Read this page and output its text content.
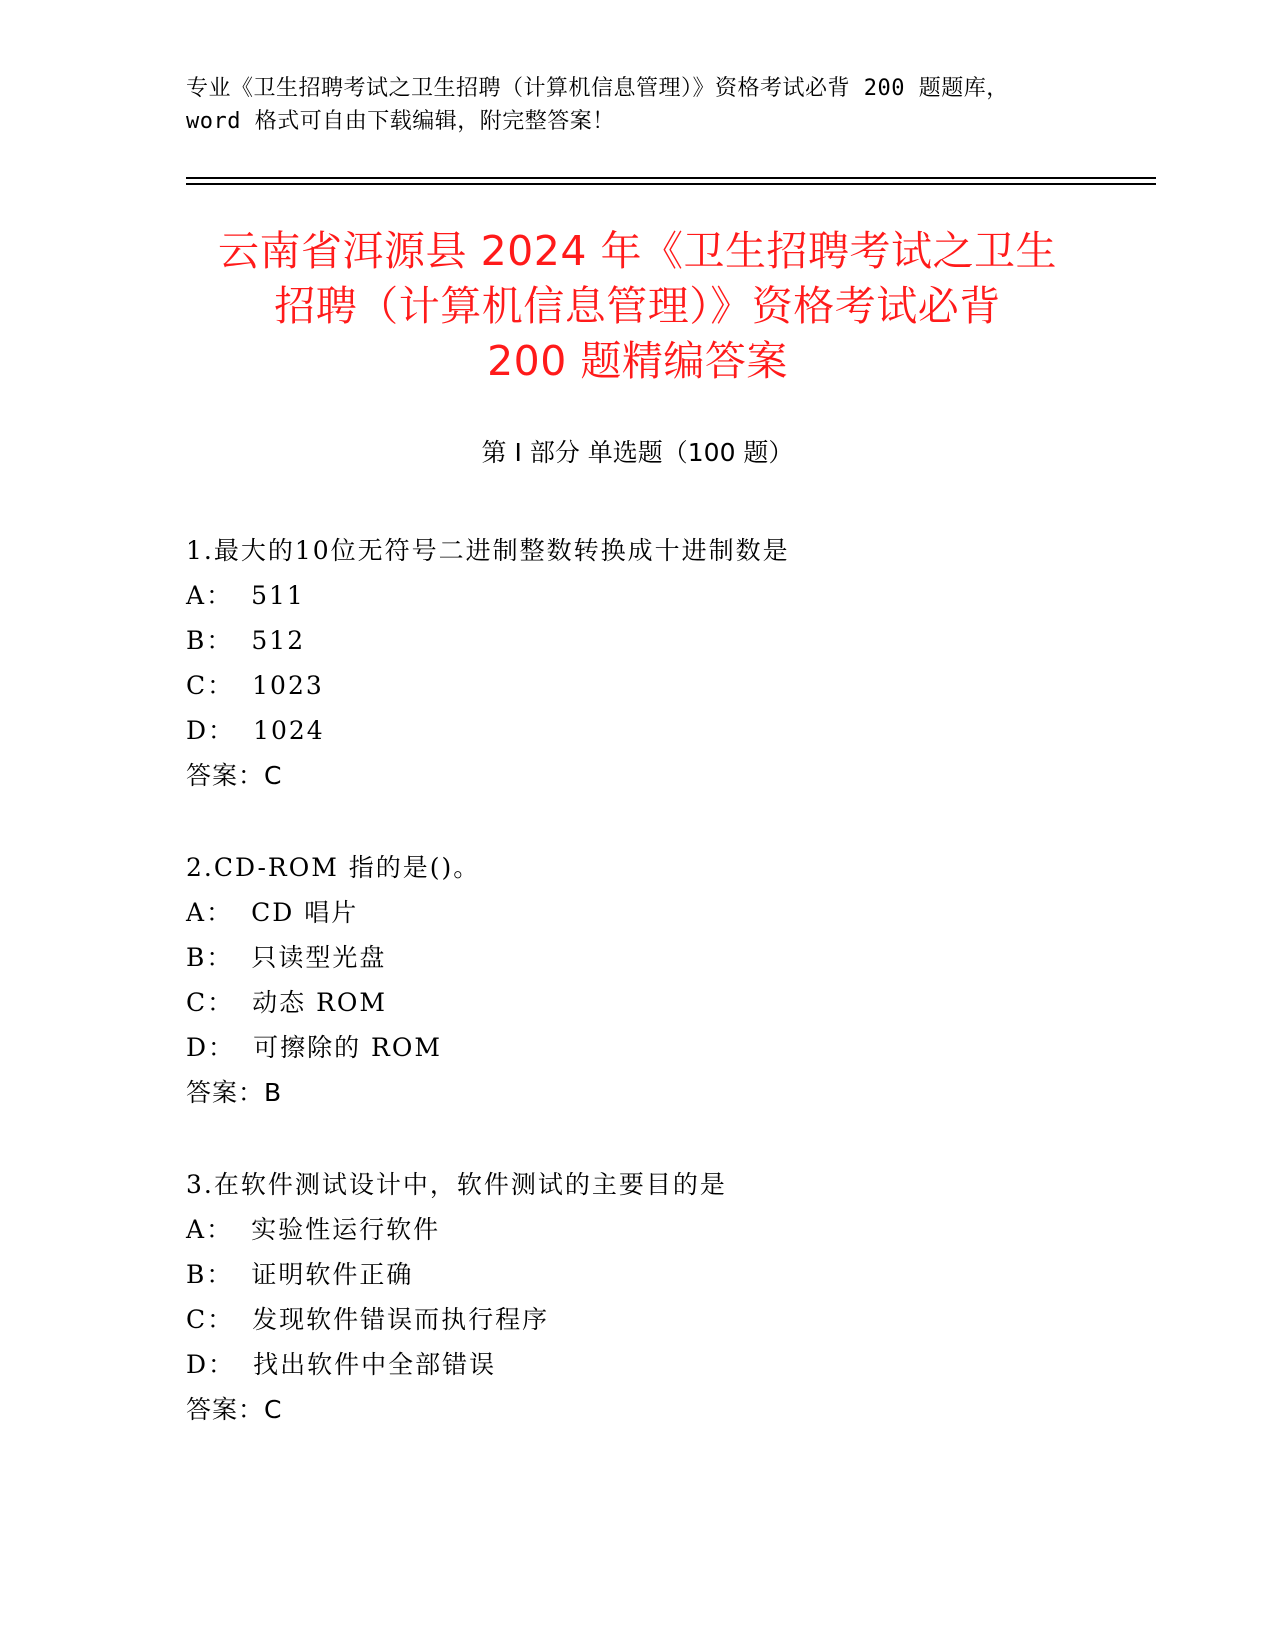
专业《卫生招聘考试之卫生招聘（计算机信息管理）》资格考试必背 200 题题库，
word 格式可自由下载编辑，附完整答案！
云南省洱源县 2024 年《卫生招聘考试之卫生
招聘（计算机信息管理）》资格考试必背
200 题精编答案
第 I 部分 单选题（100 题）
1.最大的10位无符号二进制整数转换成十进制数是
A： 511
B： 512
C： 1023
D： 1024
答案：C
2.CD-ROM 指的是()。
A： CD 唱片
B： 只读型光盘
C： 动态 ROM
D： 可擦除的 ROM
答案：B
3.在软件测试设计中，软件测试的主要目的是
A： 实验性运行软件
B： 证明软件正确
C： 发现软件错误而执行程序
D： 找出软件中全部错误
答案：C
